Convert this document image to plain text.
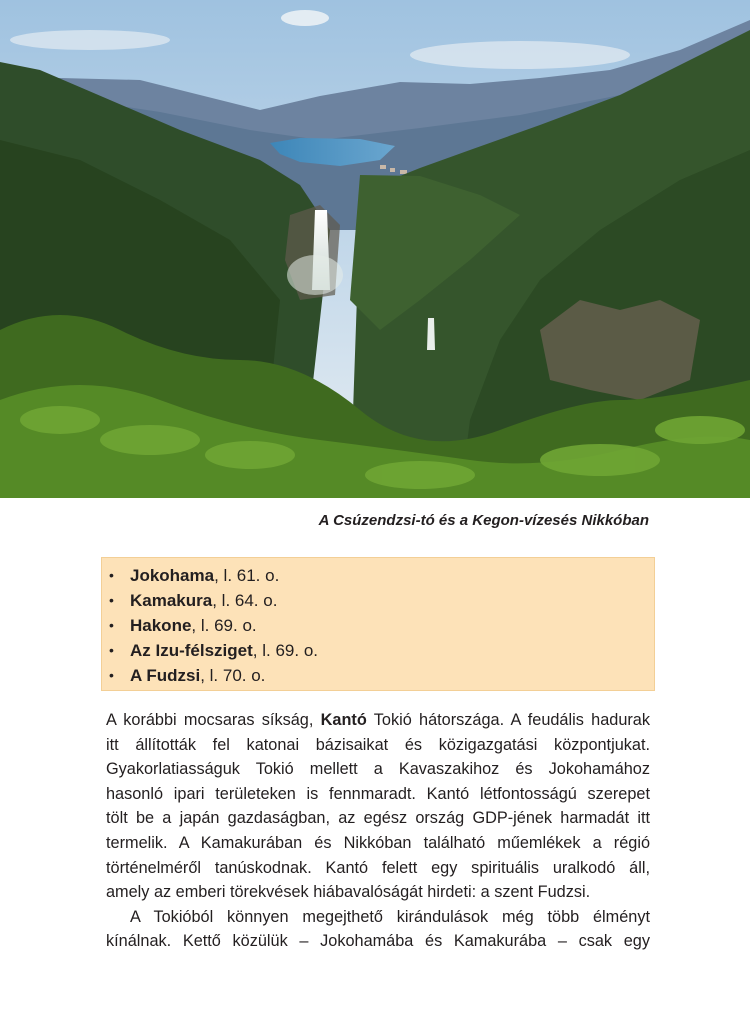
A Csúzendzsi-tó és a Kegon-vízesés Nikkóban
• Jokohama, l. 61. o.
• Kamakura, l. 64. o.
• Hakone, l. 69. o.
• Az Izu-félsziget, l. 69. o.
• A Fudzsi, l. 70. o.

A korábbi mocsaras síkság, Kantó Tokió hátországa. A feudális hadurak

itt állították fel katonai bázisaikat és közigazgatási központjukat.

Gyakorlatiasságuk Tokió mellett a Kavaszakihoz és Jokohamához

hasonló ipari területeken is fennmaradt. Kantó létfontosságú szerepet

tölt be a japán gazdaságban, az egész ország GDP-jének harmadát itt

termelik. A Kamakurában és Nikkóban található műemlékek a régió

történelméről tanúskodnak. Kantó felett egy spirituális uralkodó áll,

amely az emberi törekvések hiábavalóságát hirdeti: a szent Fudzsi.

A Tokióból könnyen megejthető kirándulások még több élményt

kínálnak. Kettő közülük – Jokohamába és Kamakurába – csak egy
